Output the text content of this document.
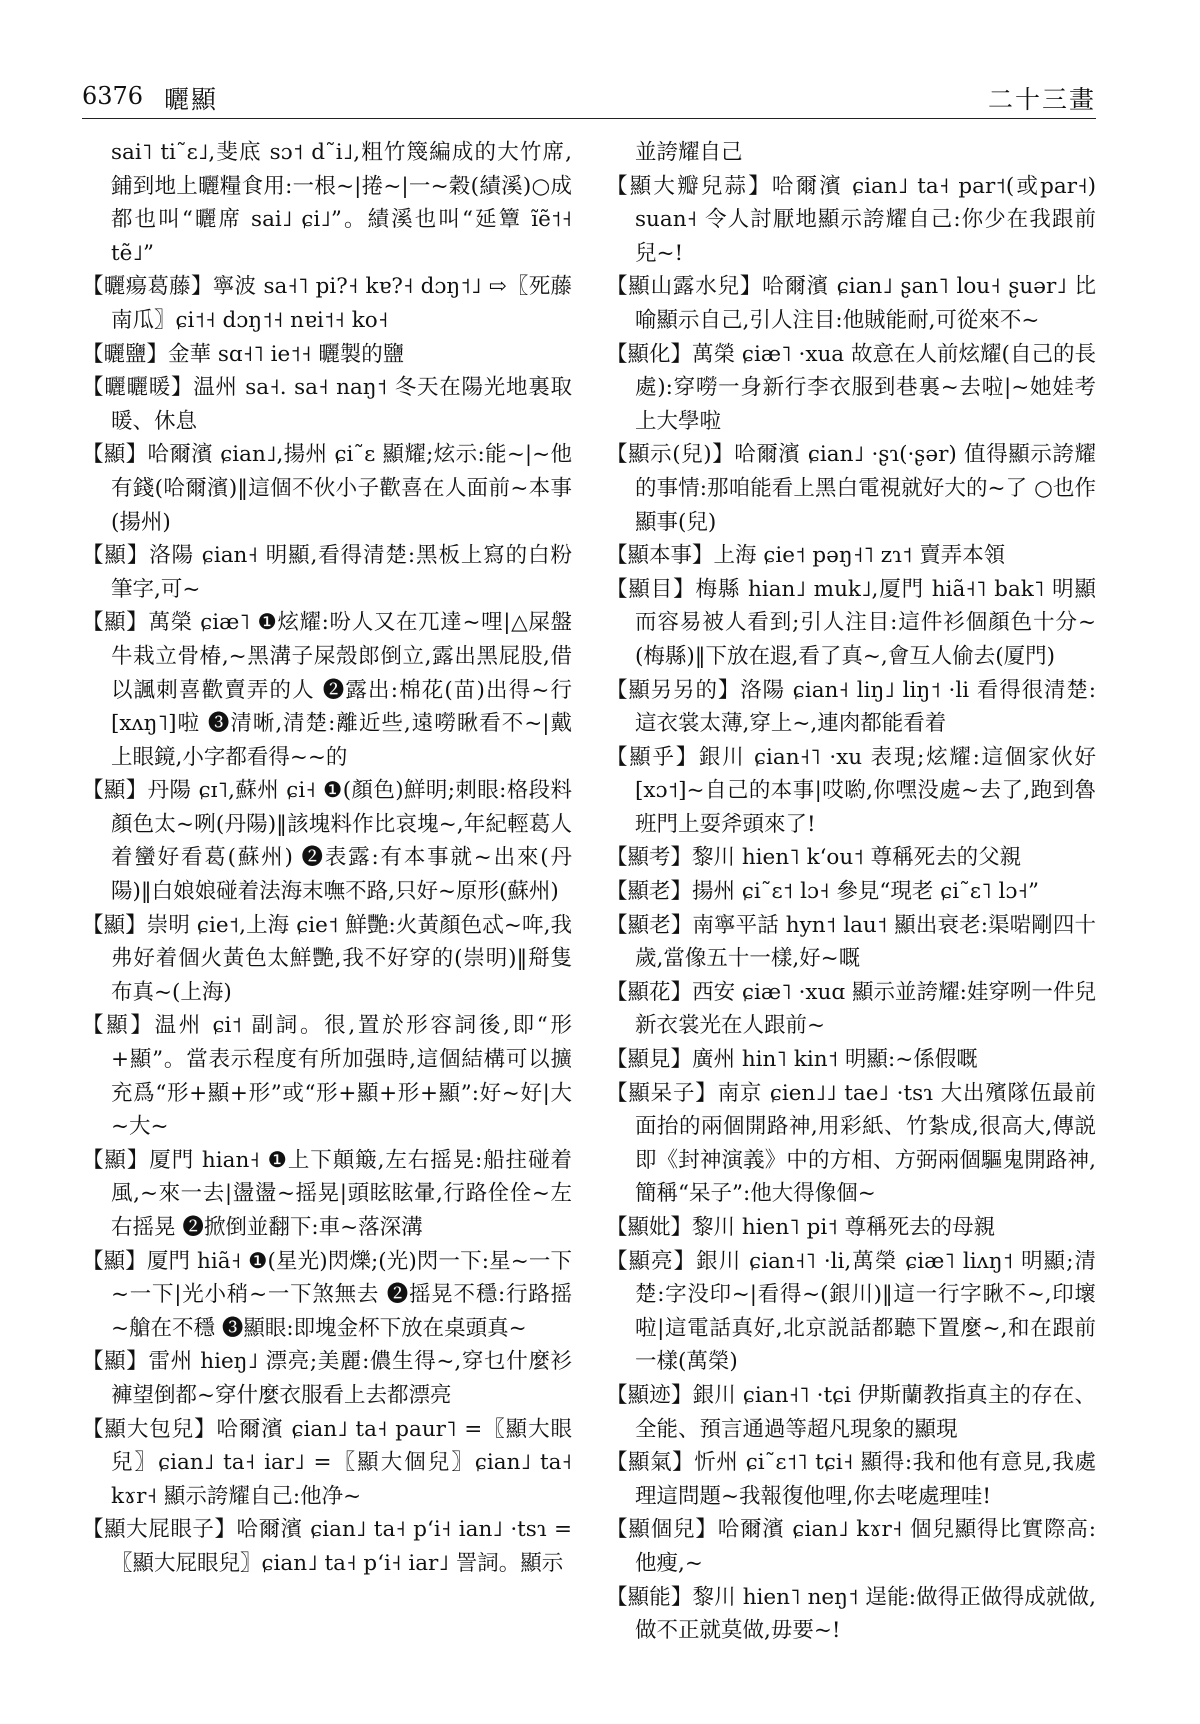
6376 曬顯	二十三畫

sai˥ ti˜ɛ˩,斐底 sɔ˦ d˜i˩,粗竹篾編成的大竹席,鋪到地上曬糧食用:一根~|捲~|一~穀(績溪)○成都也叫“曬席 sai˩ ɕi˩”。績溪也叫“延簟 ĩẽ˦˧ tẽ˩”

【曬瘍葛藤】寧波 sa˧˥ pi?˧ kɐ?˧ dɔŋ˦˩ ⇨〖死藤南瓜〗ɕi˦˧ dɔŋ˦˧ nɐi˦˧ ko˧

【曬鹽】金華 sɑ˧˥ ie˦˧ 曬製的鹽

【曬曬暖】温州 sa˧. sa˧ naŋ˦ 冬天在陽光地裏取暖、休息

【顯】哈爾濱 ɕian˩,揚州 ɕi˜ɛ 顯耀;炫示:能~|~他有錢(哈爾濱)‖這個不伙小子歡喜在人面前~本事(揚州)

【顯】洛陽 ɕian˧ 明顯,看得清楚:黑板上寫的白粉筆字,可~

【顯】萬榮 ɕiæ˥ ❶炫耀:吩人又在兀達~哩|△屎盤牛栽立骨椿,~黑溝子屎殼郎倒立,露出黑屁股,借以諷刺喜歡賣弄的人 ❷露出:棉花(苗)出得~行[xʌŋ˥]啦 ❸清晰,清楚:離近些,遠嘮瞅看不~|戴上眼鏡,小字都看得~~的

【顯】丹陽 ɕɪ˥,蘇州 ɕi˧ ❶(顏色)鮮明;刺眼:格段料顏色太~咧(丹陽)‖該塊料作比哀塊~,年紀輕葛人着蠻好看葛(蘇州) ❷表露:有本事就~出來(丹陽)‖白娘娘碰着法海末嘸不路,只好~原形(蘇州)

【顯】崇明 ɕie˦,上海 ɕie˦ 鮮艷:火黃顏色忒~哖,我弗好着個火黃色太鮮艷,我不好穿的(崇明)‖搿隻布真~(上海)

【顯】温州 ɕi˦ 副詞。很,置於形容詞後,即“形+顯”。當表示程度有所加强時,這個結構可以擴充爲“形+顯+形”或“形+顯+形+顯”:好~好|大~大~

【顯】厦門 hian˧ ❶上下顛簸,左右摇晃:船拄碰着風,~來一去|盪盪~摇晃|頭眩眩暈,行路佺佺~左右摇晃 ❷掀倒並翻下:車~落深溝

【顯】厦門 hiã˧ ❶(星光)閃爍;(光)閃一下:星~一下~一下|光小稍~一下煞無去 ❷摇晃不穩:行路摇~艙在不穩 ❸顯眼:即塊金杯下放在桌頭真~

【顯】雷州 hieŋ˩ 漂亮;美麗:儂生得~,穿乜什麼衫褲望倒都~穿什麼衣服看上去都漂亮

【顯大包兒】哈爾濱 ɕian˩ ta˧ paur˥ =〖顯大眼兒〗ɕian˩ ta˧ iar˩ =〖顯大個兒〗ɕian˩ ta˧ kɤr˧ 顯示誇耀自己:他净~

【顯大屁眼子】哈爾濱 ɕian˩ ta˧ pʻi˧ ian˩ ·tsɿ =〖顯大屁眼兒〗ɕian˩ ta˧ pʻi˧ iar˩ 詈詞。顯示

並誇耀自己

【顯大瓣兒蒜】哈爾濱 ɕian˩ ta˧ par˦(或par˧) suan˧ 令人討厭地顯示誇耀自己:你少在我跟前兒~!

【顯山露水兒】哈爾濱 ɕian˩ ʂan˥ lou˧ ʂuər˩ 比喻顯示自己,引人注目:他賊能耐,可從來不~

【顯化】萬榮 ɕiæ˥ ·xua 故意在人前炫耀(自己的長處):穿嘮一身新行李衣服到巷裏~去啦|~她娃考上大學啦

【顯示(兒)】哈爾濱 ɕian˩ ·ʂɿ(·ʂər) 值得顯示誇耀的事情:那咱能看上黑白電視就好大的~了 ○也作顯事(兒)

【顯本事】上海 ɕie˦ pəŋ˧˥ zɿ˦ 賣弄本領

【顯目】梅縣 hian˩ muk˩,厦門 hiã˧˥ bak˥ 明顯而容易被人看到;引人注目:這件衫個顏色十分~(梅縣)‖下放在遐,看了真~,會互人偷去(厦門)

【顯另另的】洛陽 ɕian˧ liŋ˩ liŋ˦ ·li 看得很清楚:這衣裳太薄,穿上~,連肉都能看着

【顯乎】銀川 ɕian˧˥ ·xu 表現;炫耀:這個家伙好[xɔ˦]~自己的本事|哎喲,你嘿没處~去了,跑到魯班門上耍斧頭來了!

【顯考】黎川 hien˥ kʻou˦ 尊稱死去的父親

【顯老】揚州 ɕi˜ɛ˦ lɔ˧ 參見“現老 ɕi˜ɛ˥ lɔ˧”

【顯老】南寧平話 hyn˦ lau˦ 顯出衰老:渠啱剛四十歲,當像五十一樣,好~嘅

【顯花】西安 ɕiæ˥ ·xuɑ 顯示並誇耀:娃穿咧一件兒新衣裳光在人跟前~

【顯見】廣州 hin˥ kin˦ 明顯:~係假嘅

【顯呆子】南京 ɕien˩˩ tae˩ ·tsɿ 大出殯隊伍最前面抬的兩個開路神,用彩紙、竹紮成,很高大,傳説即《封神演義》中的方相、方弼兩個驅鬼開路神,簡稱“呆子”:他大得像個~

【顯妣】黎川 hien˥ pi˦ 尊稱死去的母親

【顯亮】銀川 ɕian˧˥ ·li,萬榮 ɕiæ˥ liʌŋ˦ 明顯;清楚:字没印~|看得~(銀川)‖這一行字瞅不~,印壞啦|這電話真好,北京説話都聽下置麼~,和在跟前一樣(萬榮)

【顯迹】銀川 ɕian˧˥ ·tɕi 伊斯蘭教指真主的存在、全能、預言通過等超凡現象的顯現

【顯氣】忻州 ɕi˜ɛ˦˥ tɕi˧ 顯得:我和他有意見,我處理這問題~我報復他哩,你去咾處理哇!

【顯個兒】哈爾濱 ɕian˩ kɤr˧ 個兒顯得比實際高:他瘦,~

【顯能】黎川 hien˥ neŋ˦ 逞能:做得正做得成就做,做不正就莫做,毋要~!
